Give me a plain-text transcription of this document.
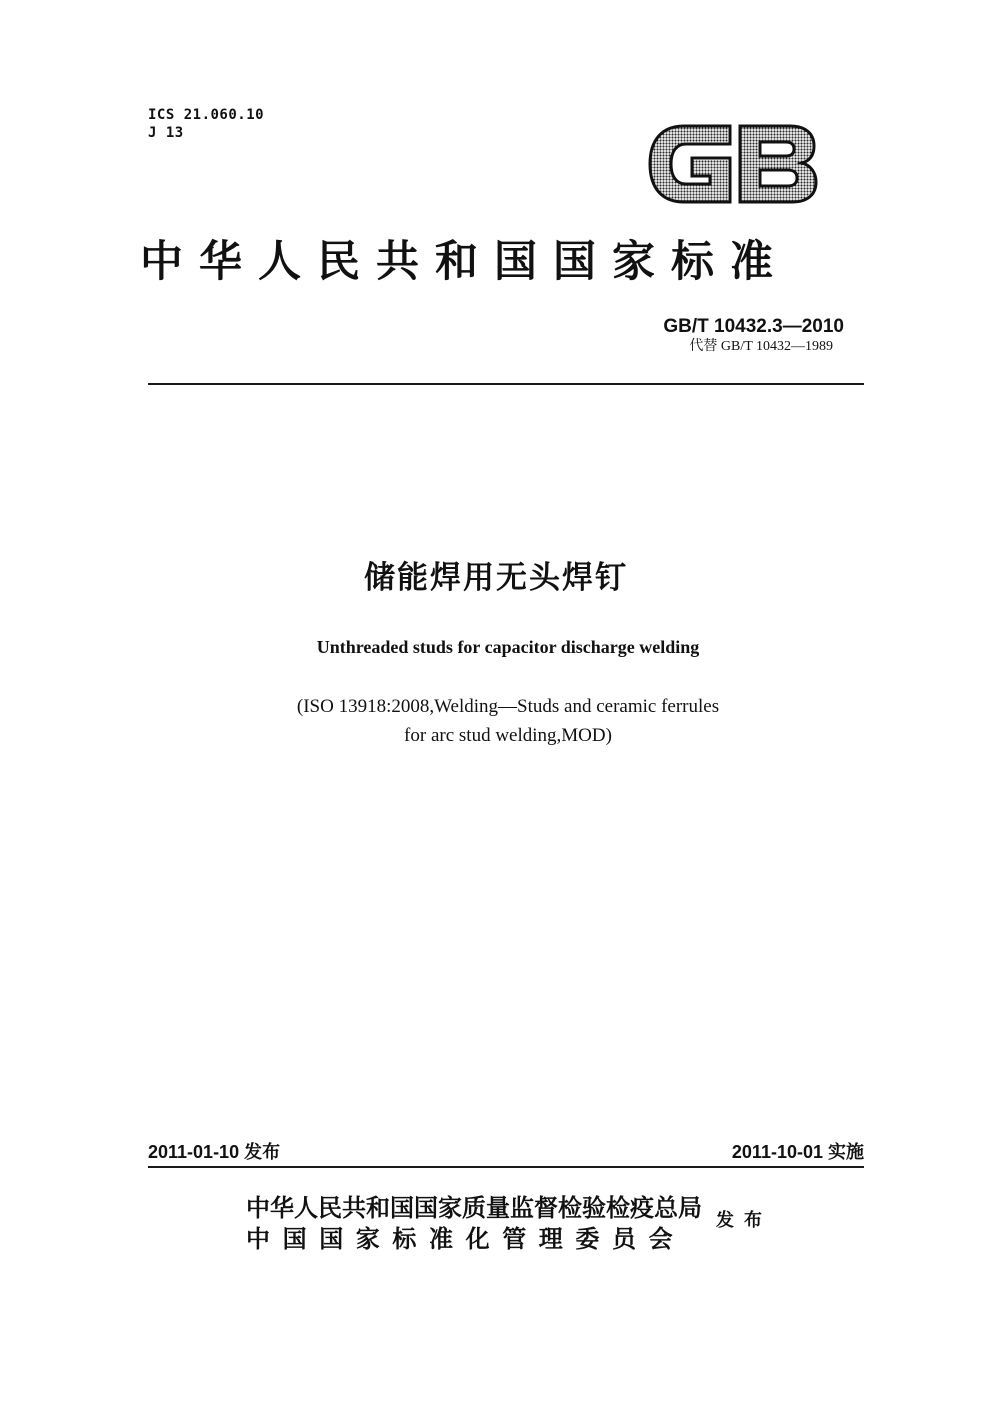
ICS 21.060.10
J 13
GB
中华人民共和国国家标准
GB/T 10432.3—2010
代替 GB/T 10432—1989
储能焊用无头焊钉
Unthreaded studs for capacitor discharge welding
(ISO 13918:2008,Welding—Studs and ceramic ferrules
for arc stud welding,MOD)
2011-01-10 发布	2011-10-01 实施
中华人民共和国国家质量监督检验检疫总局
中国国家标准化管理委员会
发布
